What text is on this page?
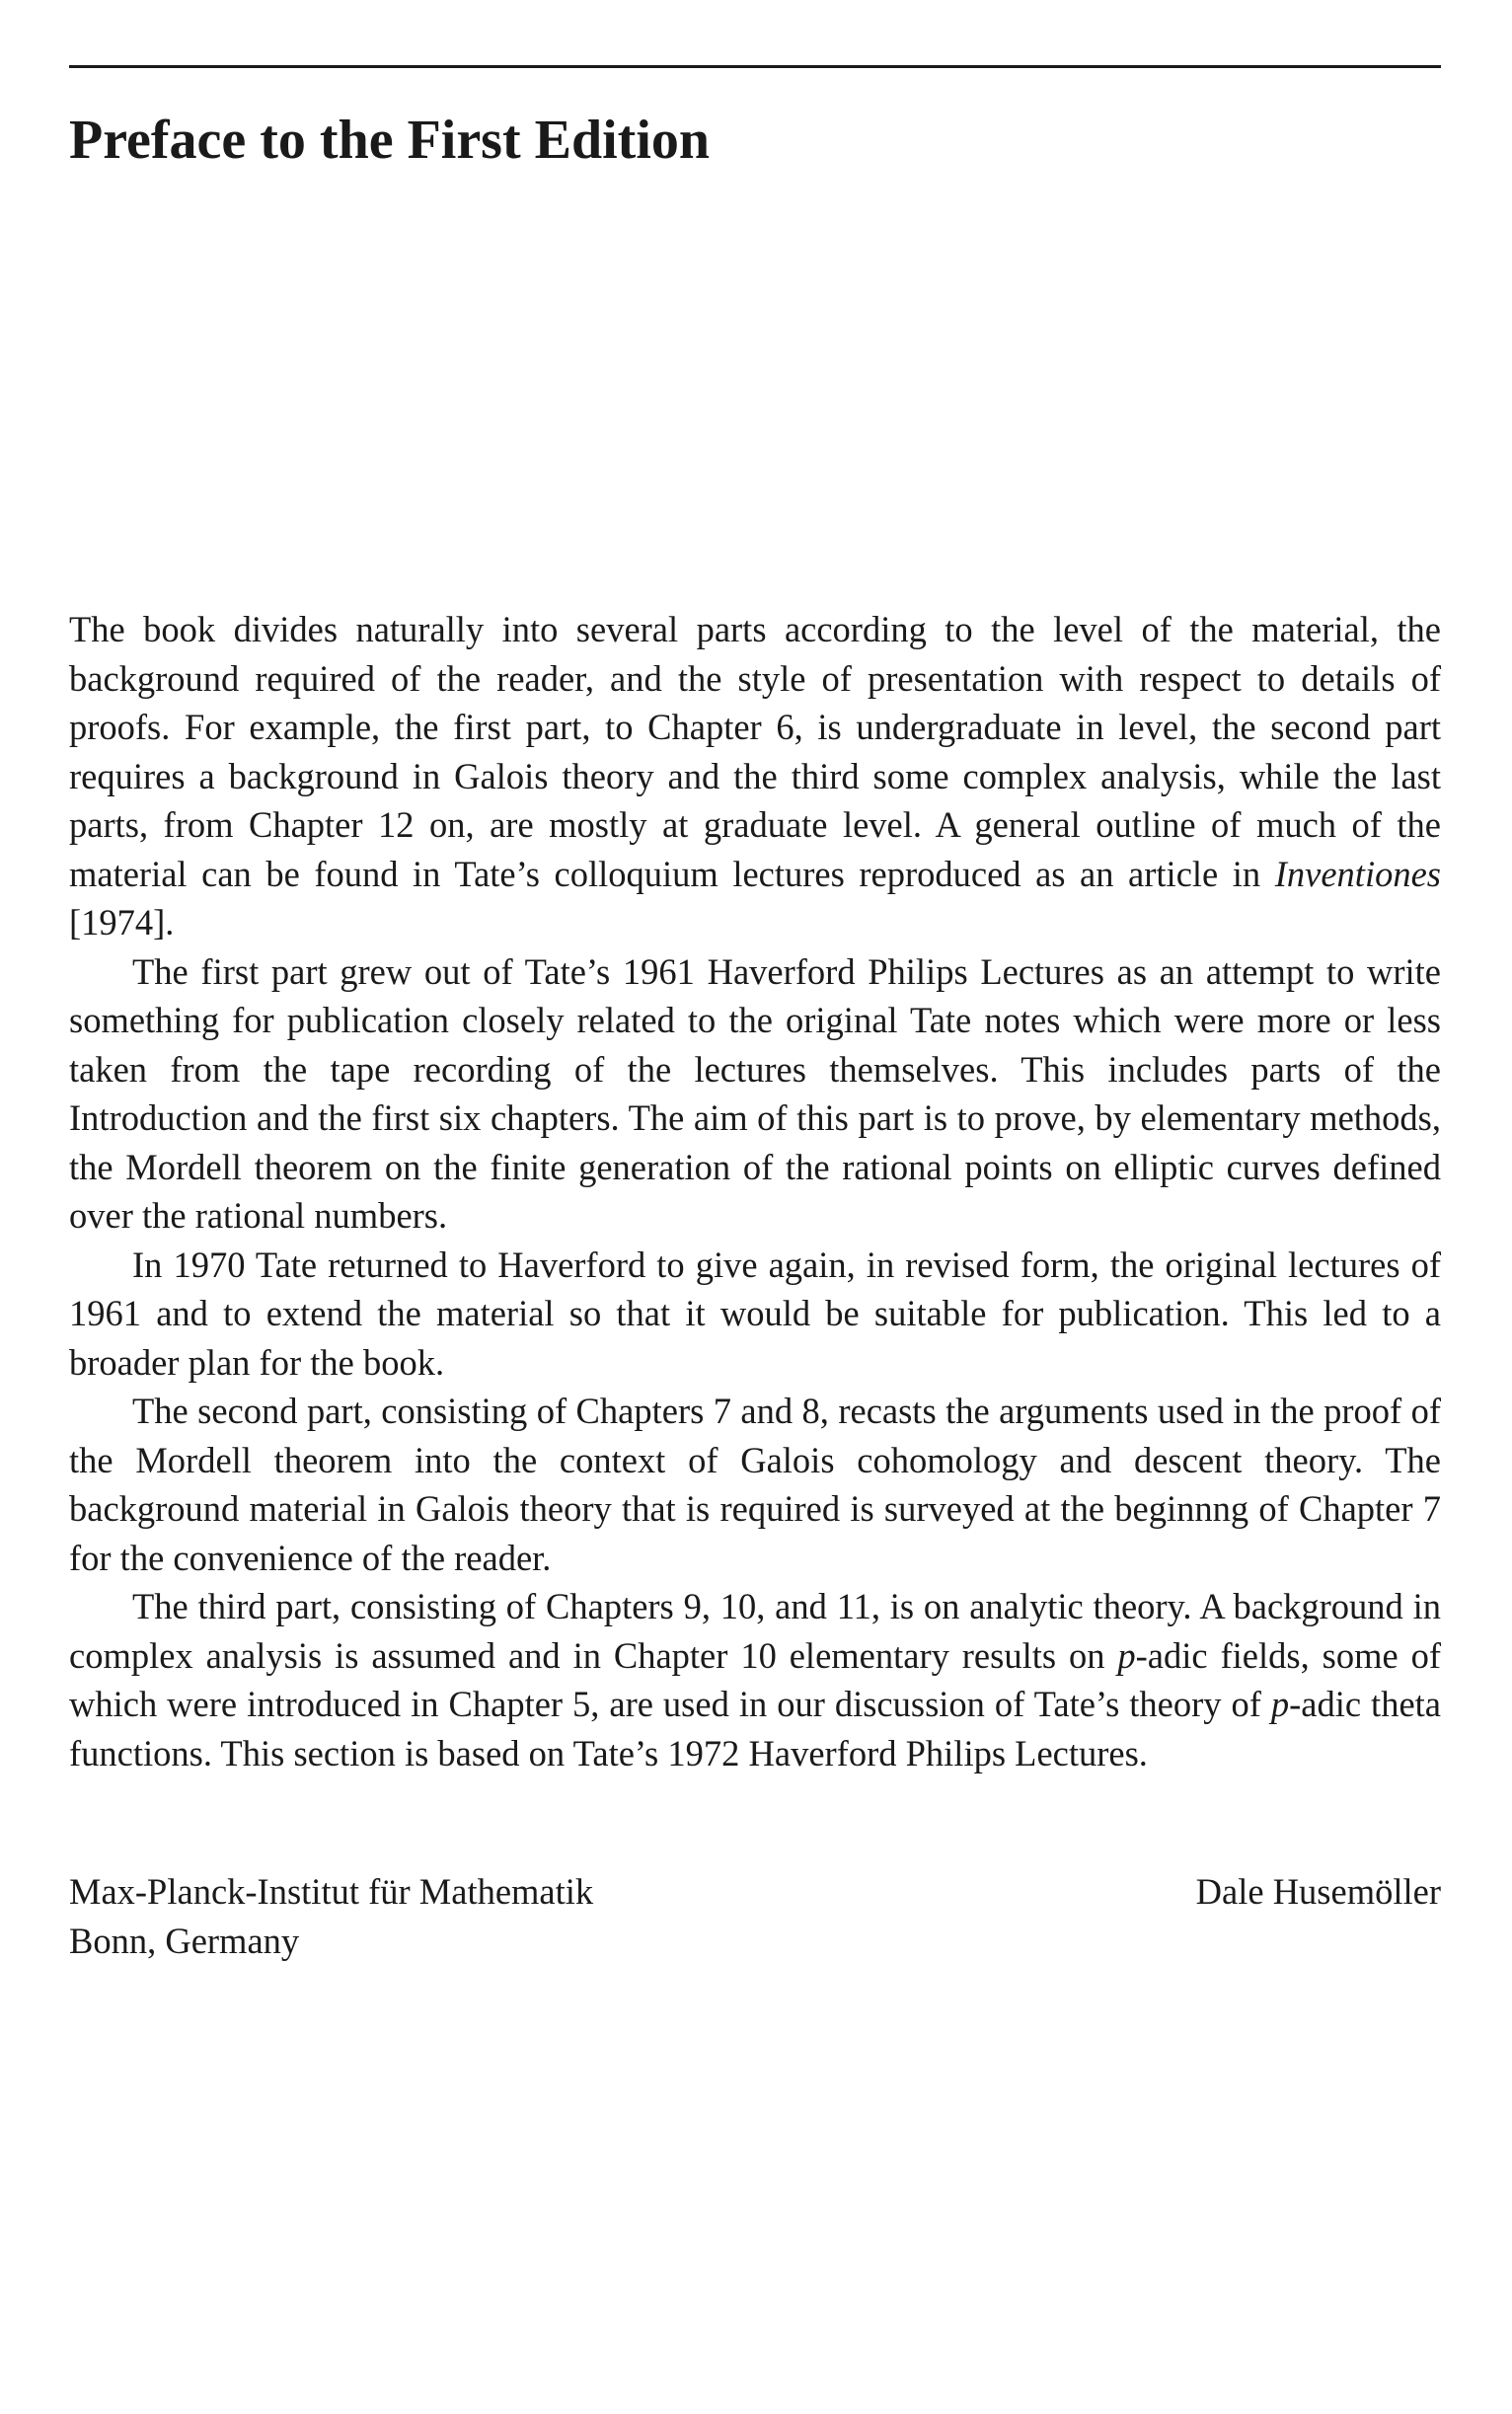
Preface to the First Edition

The book divides naturally into several parts according to the level of the material, the background required of the reader, and the style of presentation with respect to details of proofs. For example, the first part, to Chapter 6, is undergraduate in level, the second part requires a background in Galois theory and the third some complex analysis, while the last parts, from Chapter 12 on, are mostly at graduate level. A general outline of much of the material can be found in Tate’s colloquium lectures reproduced as an article in Inventiones [1974].

The first part grew out of Tate’s 1961 Haverford Philips Lectures as an attempt to write something for publication closely related to the original Tate notes which were more or less taken from the tape recording of the lectures themselves. This includes parts of the Introduction and the first six chapters. The aim of this part is to prove, by elementary methods, the Mordell theorem on the finite generation of the rational points on elliptic curves defined over the rational numbers.

In 1970 Tate returned to Haverford to give again, in revised form, the original lectures of 1961 and to extend the material so that it would be suitable for publication. This led to a broader plan for the book.

The second part, consisting of Chapters 7 and 8, recasts the arguments used in the proof of the Mordell theorem into the context of Galois cohomology and descent theory. The background material in Galois theory that is required is surveyed at the beginnng of Chapter 7 for the convenience of the reader.

The third part, consisting of Chapters 9, 10, and 11, is on analytic theory. A background in complex analysis is assumed and in Chapter 10 elementary results on p-adic fields, some of which were introduced in Chapter 5, are used in our discussion of Tate’s theory of p-adic theta functions. This section is based on Tate’s 1972 Haverford Philips Lectures.

Max-Planck-Institut für Mathematik
Bonn, Germany
Dale Husemöller
